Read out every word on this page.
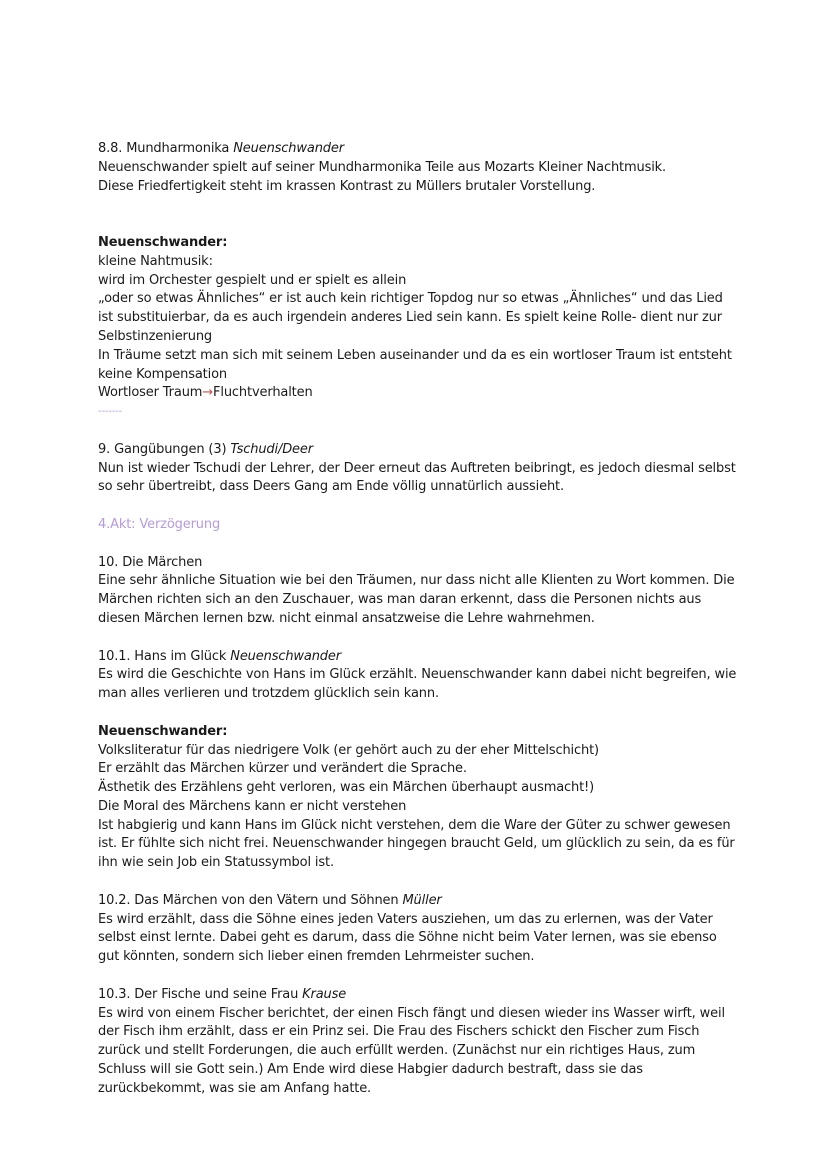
8.8. Mundharmonika Neuenschwander

Neuenschwander spielt auf seiner Mundharmonika Teile aus Mozarts Kleiner Nachtmusik.

Diese Friedfertigkeit steht im krassen Kontrast zu Müllers brutaler Vorstellung.

Neuenschwander:

kleine Nahtmusik:

wird im Orchester gespielt und er spielt es allein

„oder so etwas Ähnliches“ er ist auch kein richtiger Topdog nur so etwas „Ähnliches“ und das Lied ist substituierbar, da es auch irgendein anderes Lied sein kann. Es spielt keine Rolle- dient nur zur Selbstinzenierung

In Träume setzt man sich mit seinem Leben auseinander und da es ein wortloser Traum ist entsteht keine Kompensation

Wortloser Traum→Fluchtverhalten

-------

9. Gangübungen (3) Tschudi/Deer

Nun ist wieder Tschudi der Lehrer, der Deer erneut das Auftreten beibringt, es jedoch diesmal selbst so sehr übertreibt, dass Deers Gang am Ende völlig unnatürlich aussieht.

4.Akt: Verzögerung

10. Die Märchen

Eine sehr ähnliche Situation wie bei den Träumen, nur dass nicht alle Klienten zu Wort kommen. Die Märchen richten sich an den Zuschauer, was man daran erkennt, dass die Personen nichts aus diesen Märchen lernen bzw. nicht einmal ansatzweise die Lehre wahrnehmen.

10.1. Hans im Glück Neuenschwander

Es wird die Geschichte von Hans im Glück erzählt. Neuenschwander kann dabei nicht begreifen, wie man alles verlieren und trotzdem glücklich sein kann.

Neuenschwander:

Volksliteratur für das niedrigere Volk (er gehört auch zu der eher Mittelschicht)

Er erzählt das Märchen kürzer und verändert die Sprache.

Ästhetik des Erzählens geht verloren, was ein Märchen überhaupt ausmacht!)

Die Moral des Märchens kann er nicht verstehen

Ist habgierig und kann Hans im Glück nicht verstehen, dem die Ware der Güter zu schwer gewesen ist. Er fühlte sich nicht frei. Neuenschwander hingegen braucht Geld, um glücklich zu sein, da es für ihn wie sein Job ein Statussymbol ist.

10.2. Das Märchen von den Vätern und Söhnen Müller

Es wird erzählt, dass die Söhne eines jeden Vaters ausziehen, um das zu erlernen, was der Vater selbst einst lernte. Dabei geht es darum, dass die Söhne nicht beim Vater lernen, was sie ebenso gut könnten, sondern sich lieber einen fremden Lehrmeister suchen.

10.3. Der Fische und seine Frau Krause

Es wird von einem Fischer berichtet, der einen Fisch fängt und diesen wieder ins Wasser wirft, weil der Fisch ihm erzählt, dass er ein Prinz sei. Die Frau des Fischers schickt den Fischer zum Fisch zurück und stellt Forderungen, die auch erfüllt werden. (Zunächst nur ein richtiges Haus, zum Schluss will sie Gott sein.) Am Ende wird diese Habgier dadurch bestraft, dass sie das zurückbekommt, was sie am Anfang hatte.
